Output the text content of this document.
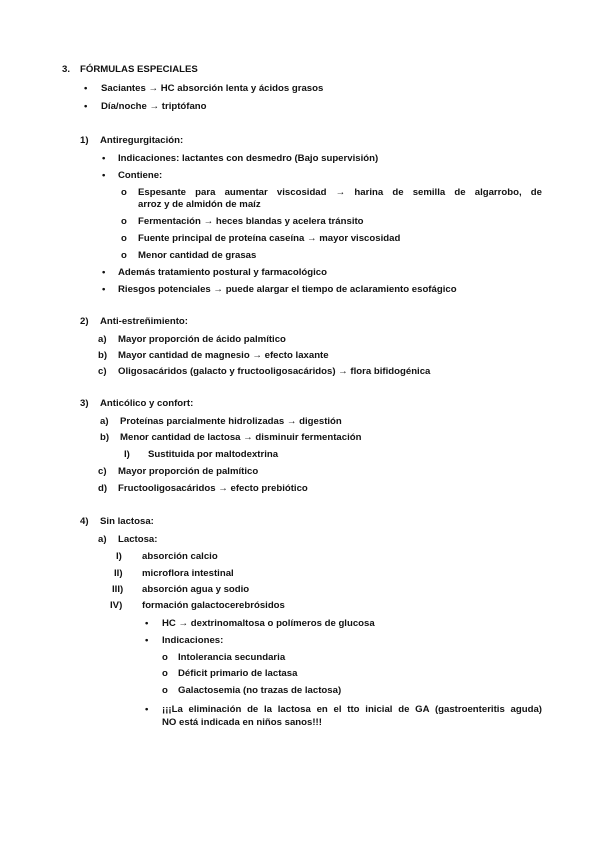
3. FÓRMULAS ESPECIALES
• Saciantes → HC absorción lenta y ácidos grasos
• Día/noche → triptófano
1) Antiregurgitación:
• Indicaciones: lactantes con desmedro (Bajo supervisión)
• Contiene:
o Espesante para aumentar viscosidad → harina de semilla de algarrobo, de
arroz y de almidón de maíz
o Fermentación → heces blandas y acelera tránsito
o Fuente principal de proteína caseína → mayor viscosidad
o Menor cantidad de grasas
• Además tratamiento postural y farmacológico
• Riesgos potenciales → puede alargar el tiempo de aclaramiento esofágico
2) Anti-estreñimiento:
a) Mayor proporción de ácido palmítico
b) Mayor cantidad de magnesio → efecto laxante
c) Oligosacáridos (galacto y fructooligosacáridos) → flora bifidogénica
3) Anticólico y confort:
a) Proteínas parcialmente hidrolizadas → digestión
b) Menor cantidad de lactosa → disminuir fermentación
I) Sustituida por maltodextrina
c) Mayor proporción de palmítico
d) Fructooligosacáridos → efecto prebiótico
4) Sin lactosa:
a) Lactosa:
I) absorción calcio
II) microflora intestinal
III) absorción agua y sodio
IV) formación galactocerebrósidos
• HC → dextrinomaltosa o polímeros de glucosa
• Indicaciones:
o Intolerancia secundaria
o Déficit primario de lactasa
o Galactosemia (no trazas de lactosa)
• ¡¡¡La eliminación de la lactosa en el tto inicial de GA (gastroenteritis aguda)
NO está indicada en niños sanos!!!
